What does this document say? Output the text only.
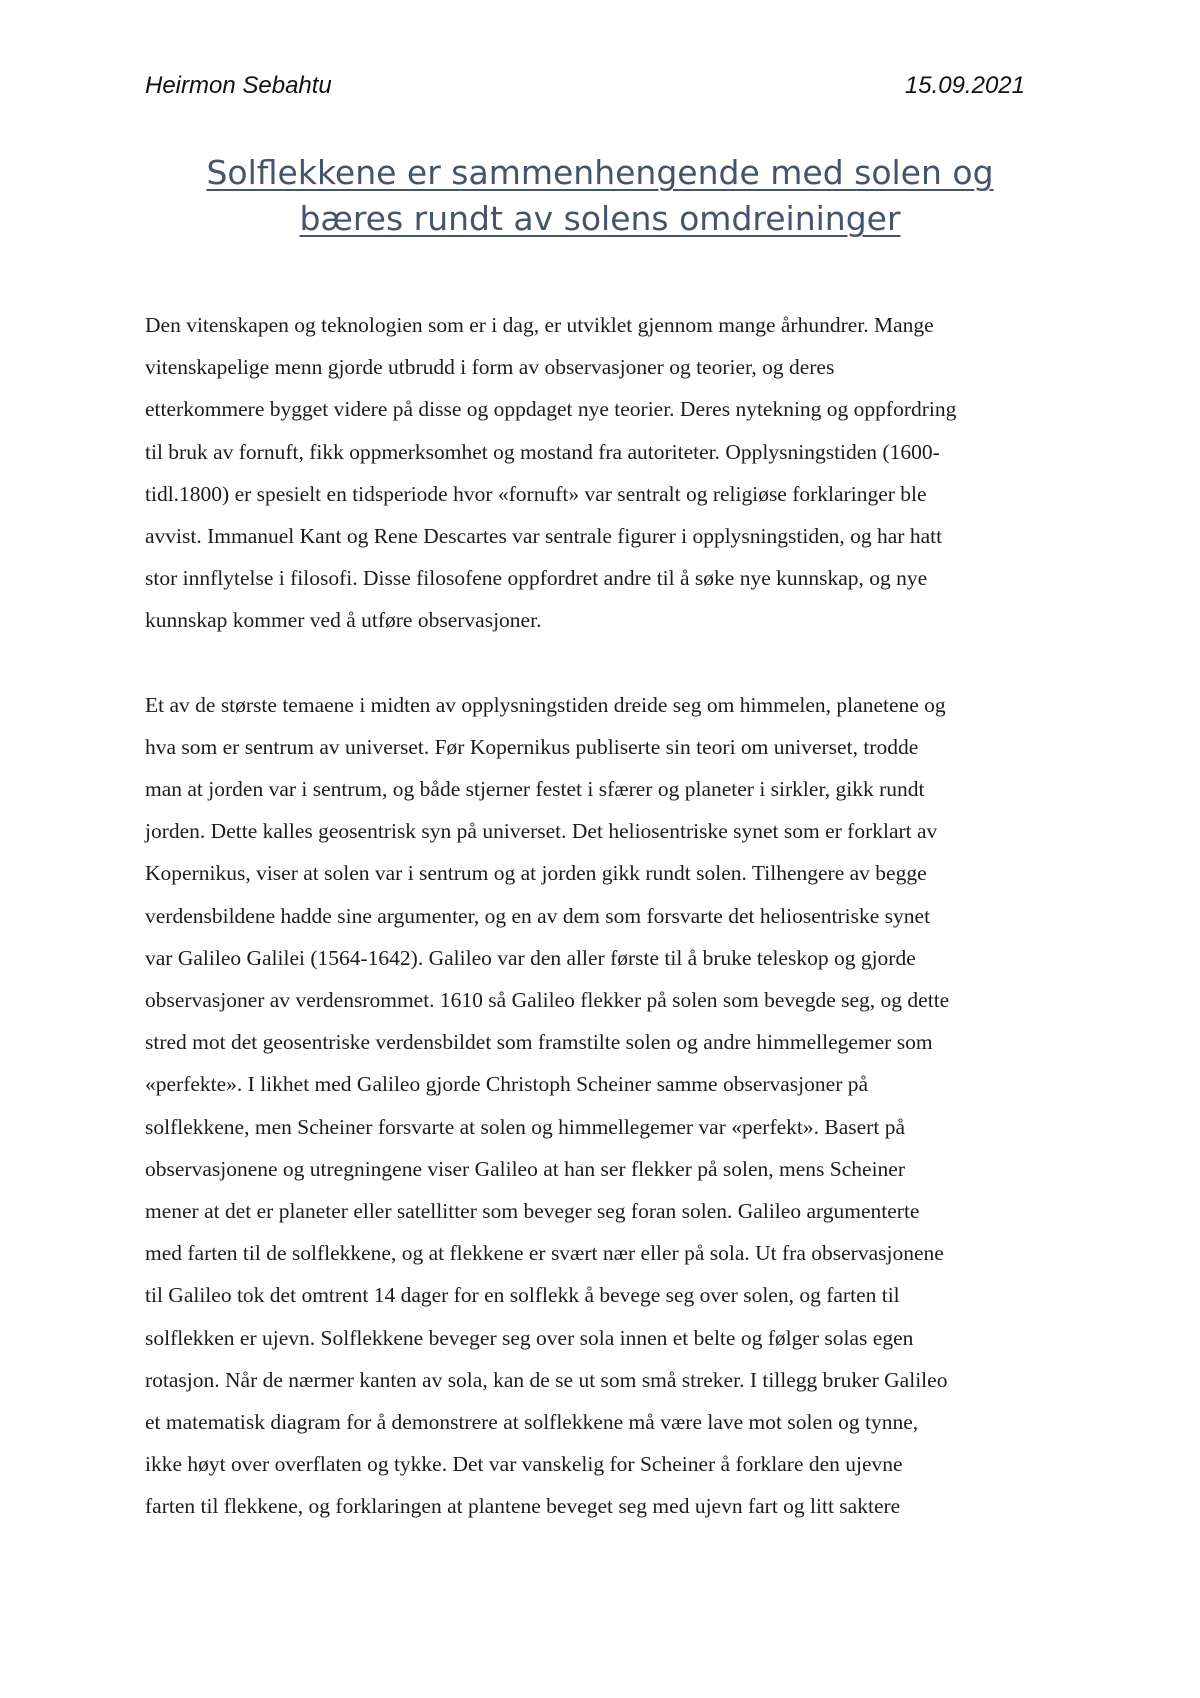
Heirmon Sebahtu	15.09.2021
Solflekkene er sammenhengende med solen og
bæres rundt av solens omdreininger

Den vitenskapen og teknologien som er i dag, er utviklet gjennom mange århundrer. Mange
vitenskapelige menn gjorde utbrudd i form av observasjoner og teorier, og deres
etterkommere bygget videre på disse og oppdaget nye teorier. Deres nytekning og oppfordring
til bruk av fornuft, fikk oppmerksomhet og mostand fra autoriteter. Opplysningstiden (1600-
tidl.1800) er spesielt en tidsperiode hvor «fornuft» var sentralt og religiøse forklaringer ble
avvist. Immanuel Kant og Rene Descartes var sentrale figurer i opplysningstiden, og har hatt
stor innflytelse i filosofi. Disse filosofene oppfordret andre til å søke nye kunnskap, og nye
kunnskap kommer ved å utføre observasjoner.

Et av de største temaene i midten av opplysningstiden dreide seg om himmelen, planetene og
hva som er sentrum av universet. Før Kopernikus publiserte sin teori om universet, trodde
man at jorden var i sentrum, og både stjerner festet i sfærer og planeter i sirkler, gikk rundt
jorden. Dette kalles geosentrisk syn på universet. Det heliosentriske synet som er forklart av
Kopernikus, viser at solen var i sentrum og at jorden gikk rundt solen. Tilhengere av begge
verdensbildene hadde sine argumenter, og en av dem som forsvarte det heliosentriske synet
var Galileo Galilei (1564-1642). Galileo var den aller første til å bruke teleskop og gjorde
observasjoner av verdensrommet. 1610 så Galileo flekker på solen som bevegde seg, og dette
stred mot det geosentriske verdensbildet som framstilte solen og andre himmellegemer som
«perfekte». I likhet med Galileo gjorde Christoph Scheiner samme observasjoner på
solflekkene, men Scheiner forsvarte at solen og himmellegemer var «perfekt». Basert på
observasjonene og utregningene viser Galileo at han ser flekker på solen, mens Scheiner
mener at det er planeter eller satellitter som beveger seg foran solen. Galileo argumenterte
med farten til de solflekkene, og at flekkene er svært nær eller på sola. Ut fra observasjonene
til Galileo tok det omtrent 14 dager for en solflekk å bevege seg over solen, og farten til
solflekken er ujevn. Solflekkene beveger seg over sola innen et belte og følger solas egen
rotasjon. Når de nærmer kanten av sola, kan de se ut som små streker. I tillegg bruker Galileo
et matematisk diagram for å demonstrere at solflekkene må være lave mot solen og tynne,
ikke høyt over overflaten og tykke. Det var vanskelig for Scheiner å forklare den ujevne
farten til flekkene, og forklaringen at plantene beveget seg med ujevn fart og litt saktere
